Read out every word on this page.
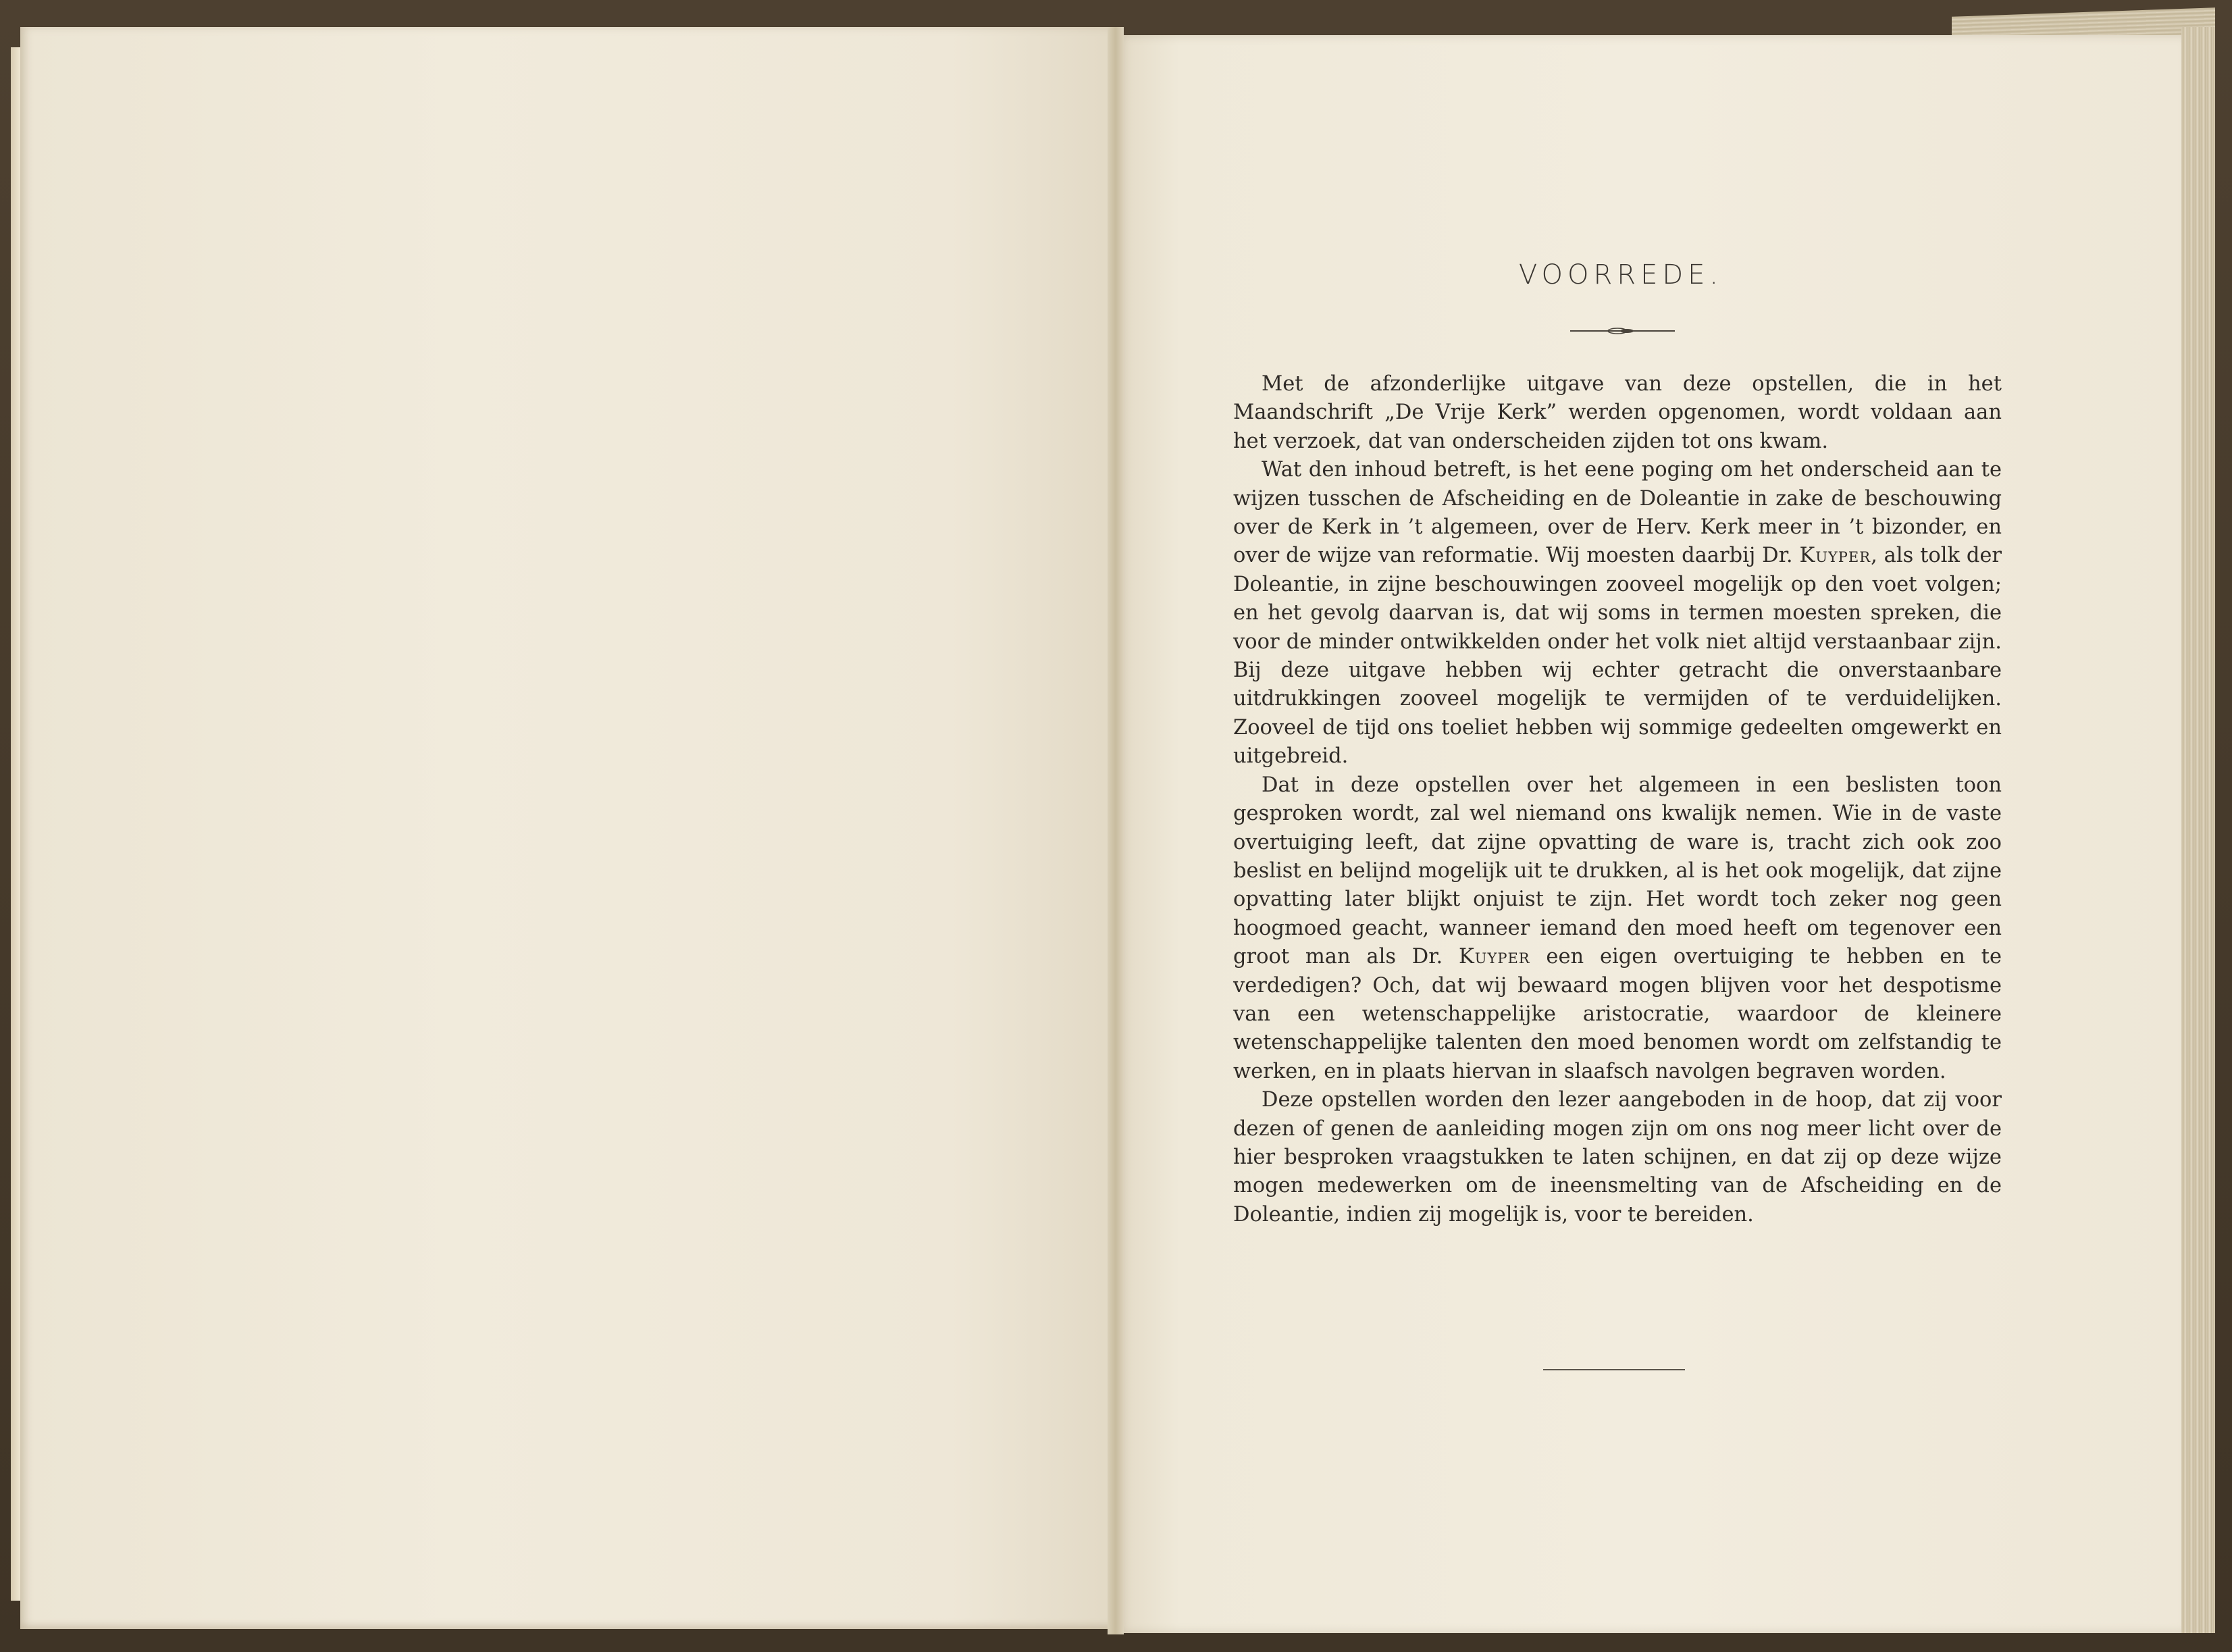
VOORREDE.

Met de afzonderlijke uitgave van deze opstellen, die in het Maandschrift „De Vrije Kerk” werden opgenomen, wordt voldaan aan het verzoek, dat van onderscheiden zijden tot ons kwam.

Wat den inhoud betreft, is het eene poging om het onderscheid aan te wijzen tusschen de Afscheiding en de Doleantie in zake de beschouwing over de Kerk in ’t algemeen, over de Herv. Kerk meer in ’t bizonder, en over de wijze van reformatie. Wij moesten daarbij Dr. Kuyper, als tolk der Doleantie, in zijne beschouwingen zooveel mogelijk op den voet volgen; en het gevolg daarvan is, dat wij soms in termen moesten spreken, die voor de minder ontwikkelden onder het volk niet altijd verstaanbaar zijn. Bij deze uitgave hebben wij echter getracht die onverstaanbare uitdrukkingen zooveel mogelijk te vermijden of te verduidelijken. Zooveel de tijd ons toeliet hebben wij sommige gedeelten omgewerkt en uitgebreid.

Dat in deze opstellen over het algemeen in een beslisten toon gesproken wordt, zal wel niemand ons kwalijk nemen. Wie in de vaste overtuiging leeft, dat zijne opvatting de ware is, tracht zich ook zoo beslist en belijnd mogelijk uit te drukken, al is het ook mogelijk, dat zijne opvatting later blijkt onjuist te zijn. Het wordt toch zeker nog geen hoogmoed geacht, wanneer iemand den moed heeft om tegenover een groot man als Dr. Kuyper een eigen overtuiging te hebben en te verdedigen? Och, dat wij bewaard mogen blijven voor het despotisme van een wetenschappelijke aristocratie, waardoor de kleinere wetenschappelijke talenten den moed benomen wordt om zelfstandig te werken, en in plaats hiervan in slaafsch navolgen begraven worden.

Deze opstellen worden den lezer aangeboden in de hoop, dat zij voor dezen of genen de aanleiding mogen zijn om ons nog meer licht over de hier besproken vraagstukken te laten schijnen, en dat zij op deze wijze mogen medewerken om de ineensmelting van de Afscheiding en de Doleantie, indien zij mogelijk is, voor te bereiden.
